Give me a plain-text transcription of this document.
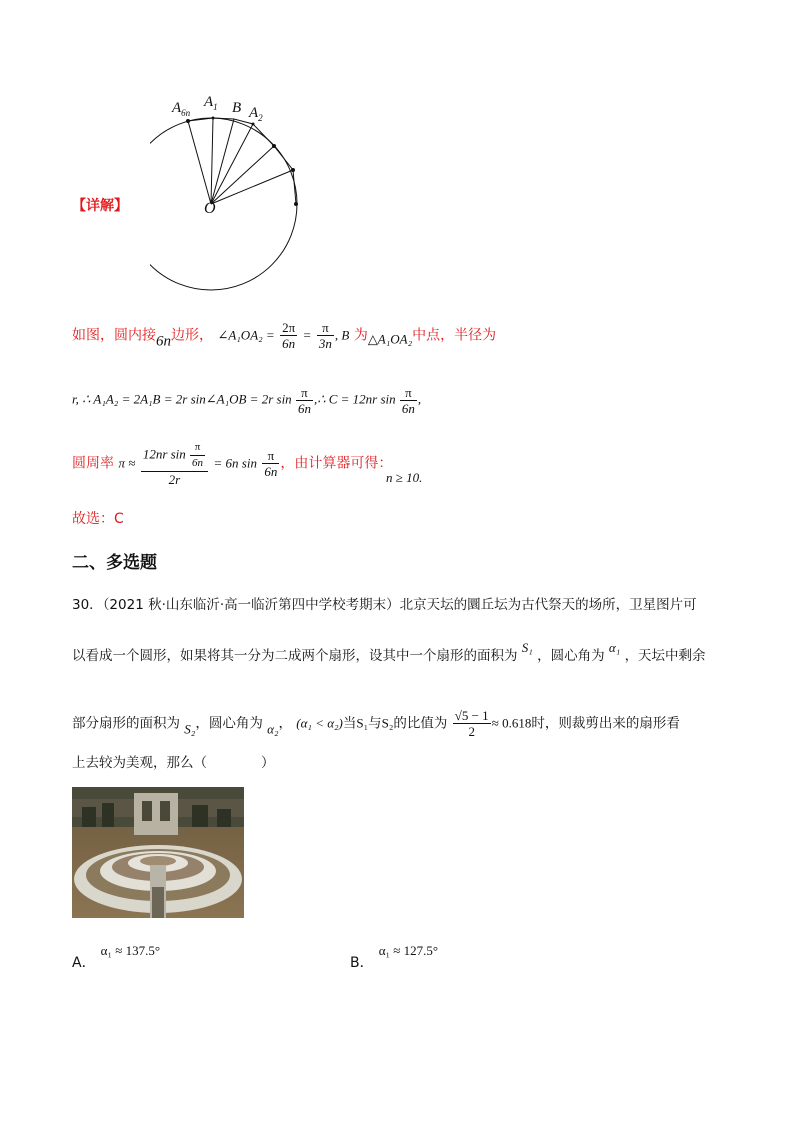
$A_{6n}$
$A_1$ B $A_2$
O
【详解】
如图，圆内接6n边形， ∠A₁OA₂ = $\frac{2\pi}{6n} = \frac{\pi}{3n}$ , B 为△A₁OA₂中点，半径为
r, ∴ A₁A₂ = 2A₁B = 2r sin∠A₁OB = 2r $\sin \frac{\pi}{6n}$ ,∴ C = 12nr $\sin \frac{\pi}{6n}$ ,
圆周率 $\pi \approx \frac{12nr \sin \frac{\pi}{6n}}{2r} = 6n$ $\sin \frac{\pi}{6n}$ ，由计算器可得：
n ≥ 10.
故选：C
二、多选题
30．（2021 秋·山东临沂·高一临沂第四中学校考期末）北京天坛的圜丘坛为古代祭天的场所，卫星图片可
以看成一个圆形，如果将其一分为二成两个扇形，设其中一个扇形的面积为 S₁ ，圆心角为 α₁ ，天坛中剩余
部分扇形的面积为 S₂，圆心角为 α₂， (α₁ < α₂)当S₁与S₂的比值为 $\frac{√5 - 1}{2} \approx 0.618$时，则裁剪出来的扇形看
上去较为美观，那么（　　　　）
A． α₁ ≈ 137.5°
B． α₁ ≈ 127.5°
